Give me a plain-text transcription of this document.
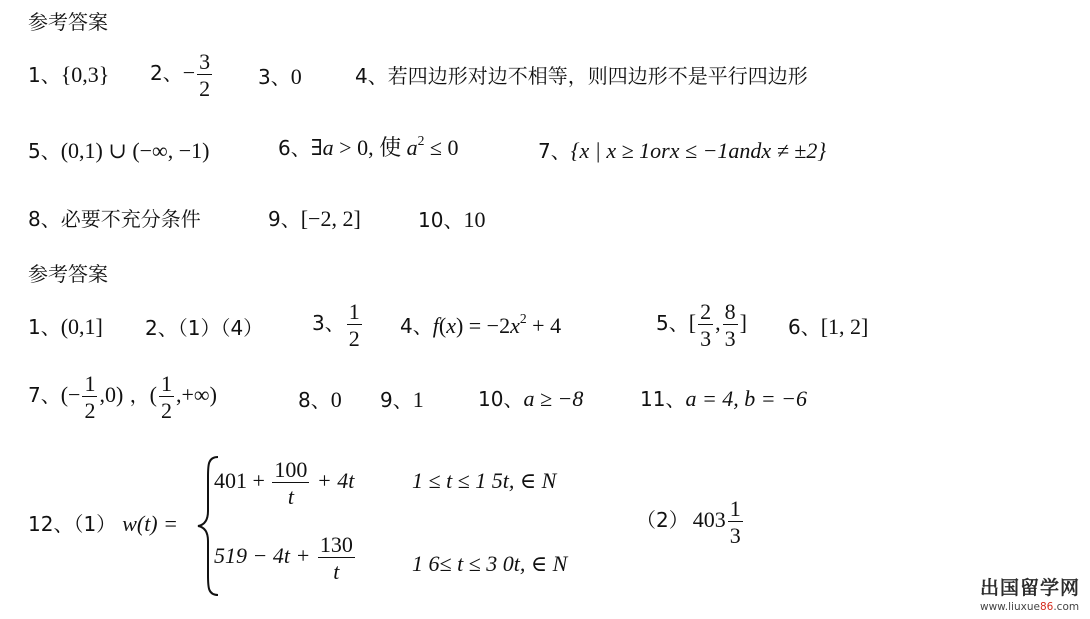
参考答案
1、{0,3} 2、− $\frac{3}{2} 3$、0	4、若四边形对边不相等，则四边形不是平行四边形
5、(0,1) ∪ (−∞, −1)	6、∃a > 0, 使 $a^2 \le 0$	7、{x | x ≥ 1orx ≤ −1andx ≠ ±2}
8、必要不充分条件	9、[−2, 2]	10、10
参考答案
1、(0,1] 2、（1）（4） 3、 $\frac{1}{2} 4$、$f(x) = -2x^2 + 4$	5、[ $\frac{2}{3}$ , $\frac{8}{3}$ ] 6、[1, 2]
7、(− $\frac{1}{2} ,0$) ，( $\frac{1}{2}$ ,+∞)	8、0 9、1	10、a ≥ −8	11、a = 4, b = −6
12、（1） w(t) =
$401 + \frac{100}{t} + 4t$	1 ≤ t ≤ 1 5t, ∈ N
$519 - 4t + \frac{130}{t}$	1 6≤ t ≤ 3 0t, ∈ N
（2） $403 \frac{1}{3}$
出国留学网
www.liuxue86.com
